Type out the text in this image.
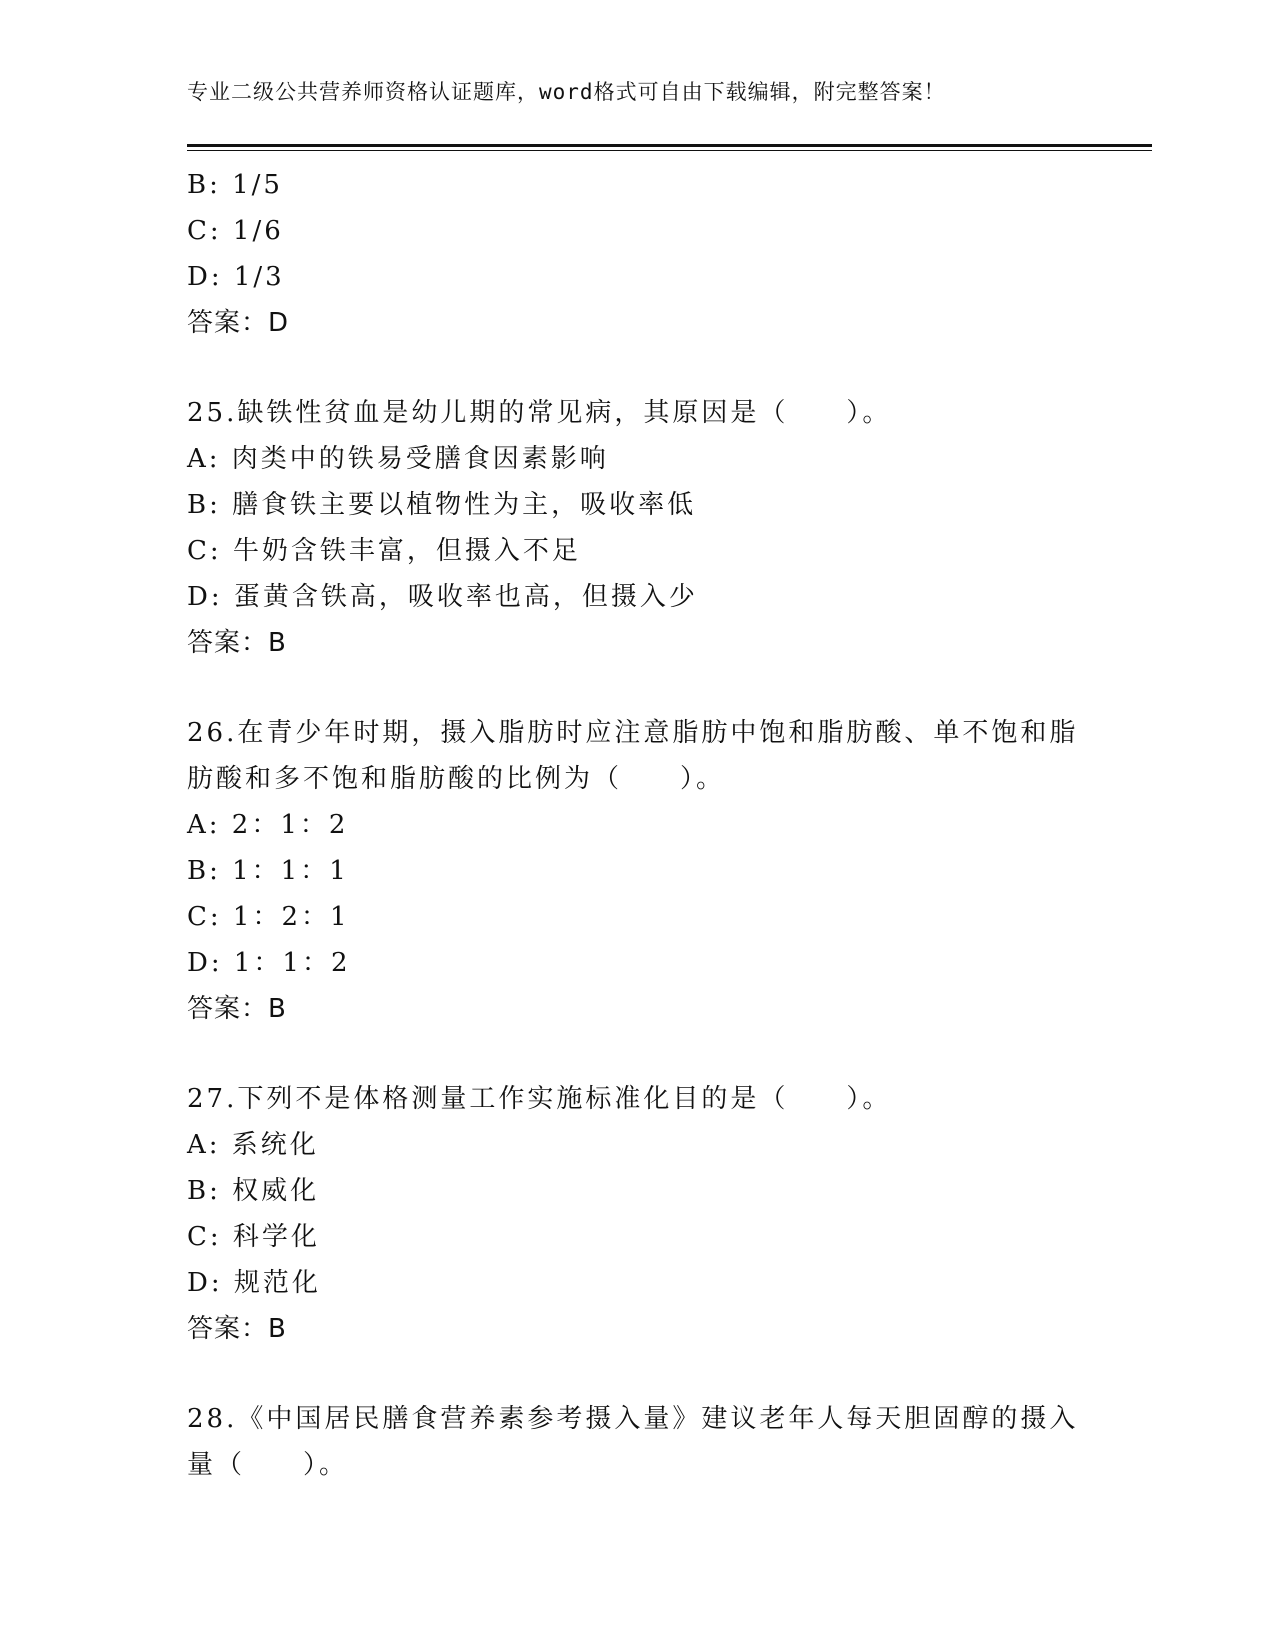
专业二级公共营养师资格认证题库，word格式可自由下载编辑，附完整答案！
B: 1/5
C: 1/6
D: 1/3
答案：D
25.缺铁性贫血是幼儿期的常见病，其原因是（　　）。
A: 肉类中的铁易受膳食因素影响
B: 膳食铁主要以植物性为主，吸收率低
C: 牛奶含铁丰富，但摄入不足
D: 蛋黄含铁高，吸收率也高，但摄入少
答案：B
26.在青少年时期，摄入脂肪时应注意脂肪中饱和脂肪酸、单不饱和脂
肪酸和多不饱和脂肪酸的比例为（　　）。
A: 2：1：2
B: 1：1：1
C: 1：2：1
D: 1：1：2
答案：B
27.下列不是体格测量工作实施标准化目的是（　　）。
A: 系统化
B: 权威化
C: 科学化
D: 规范化
答案：B
28.《中国居民膳食营养素参考摄入量》建议老年人每天胆固醇的摄入
量（　　）。
